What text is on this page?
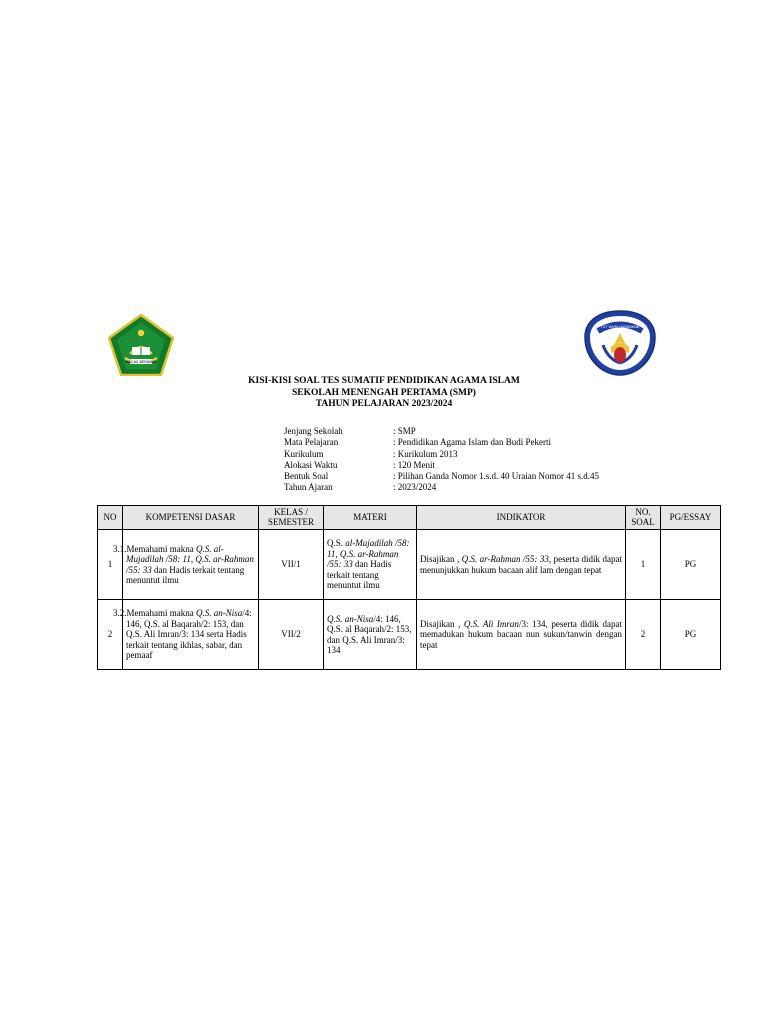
IKHLAS BERAMAL
TUT WURI HANDAYANI
KISI-KISI SOAL TES SUMATIF PENDIDIKAN AGAMA ISLAM
SEKOLAH MENENGAH PERTAMA (SMP)
TAHUN PELAJARAN 2023/2024
Jenjang Sekolah	: SMP
Mata Pelajaran	: Pendidikan Agama Islam dan Budi Pekerti
Kurikulum	: Kurikulum 2013
Alokasi Waktu	: 120 Menit
Bentuk Soal	: Pilihan Ganda Nomor 1.s.d. 40 Uraian Nomor 41 s.d.45
Tahun Ajaran	: 2023/2024
NO	KOMPETENSI DASAR	KELAS / SEMESTER	MATERI	INDIKATOR	NO. SOAL	PG/ESSAY
1	3.1.Memahami makna Q.S. al-Mujadilah /58: 11, Q.S. ar-Rahman /55: 33 dan Hadis terkait tentang menuntut ilmu	VII/1	Q.S. al-Mujadilah /58: 11, Q.S. ar-Rahman /55: 33 dan Hadis terkait tentang menuntut ilmu	Disajikan , Q.S. ar-Rahman /55: 33, peserta didik dapat menunjukkan hukum bacaan alif lam dengan tepat	1	PG
2	3.2.Memahami makna Q.S. an-Nisa/4: 146, Q.S. al Baqarah/2: 153, dan Q.S. Ali Imran/3: 134 serta Hadis terkait tentang ikhlas, sabar, dan pemaaf	VII/2	Q.S. an-Nisa/4: 146, Q.S. al Baqarah/2: 153, dan Q.S. Ali Imran/3: 134	Disajikan , Q.S. Ali Imran/3: 134, peserta didik dapat memadukan hukum bacaan nun sukun/tanwin dengan tepat	2	PG
